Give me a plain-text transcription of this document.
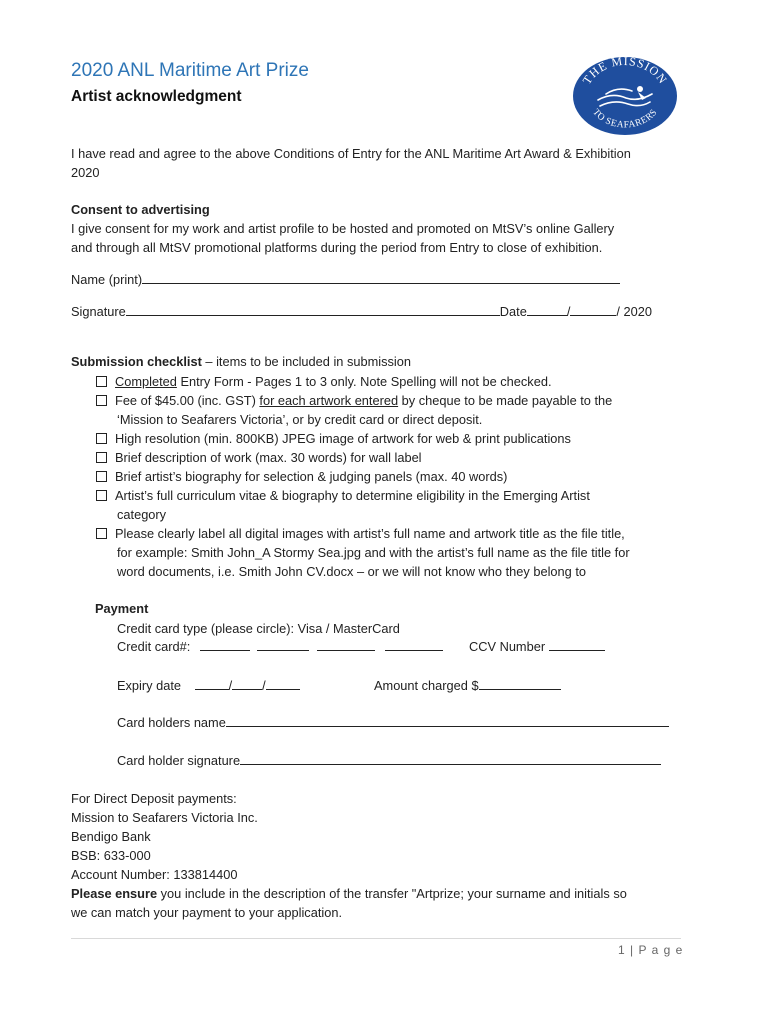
2020 ANL Maritime Art Prize
Artist acknowledgment
THE MISSION
TO SEAFARERS
I have read and agree to the above Conditions of Entry for the ANL Maritime Art Award & Exhibition
2020
Consent to advertising
I give consent for my work and artist profile to be hosted and promoted on MtSV’s online Gallery
and through all MtSV promotional platforms during the period from Entry to close of exhibition.
Name (print)
Signature	Date	/	/ 2020
Submission checklist – items to be included in submission
Completed Entry Form - Pages 1 to 3 only. Note Spelling will not be checked.
Fee of $45.00 (inc. GST) for each artwork entered by cheque to be made payable to the
‘Mission to Seafarers Victoria’, or by credit card or direct deposit.
High resolution (min. 800KB) JPEG image of artwork for web & print publications
Brief description of work (max. 30 words) for wall label
Brief artist’s biography for selection & judging panels (max. 40 words)
Artist’s full curriculum vitae & biography to determine eligibility in the Emerging Artist
category
Please clearly label all digital images with artist’s full name and artwork title as the file title,
for example: Smith John_A Stormy Sea.jpg and with the artist’s full name as the file title for
word documents, i.e. Smith John CV.docx – or we will not know who they belong to
Payment
Credit card type (please circle): Visa / MasterCard
Credit card#:	CCV Number
Expiry date	/ /	Amount charged $
Card holders name
Card holder signature
For Direct Deposit payments:
Mission to Seafarers Victoria Inc.
Bendigo Bank
BSB: 633-000
Account Number: 133814400
Please ensure you include in the description of the transfer "Artprize; your surname and initials so
we can match your payment to your application.
1 | P a g e
